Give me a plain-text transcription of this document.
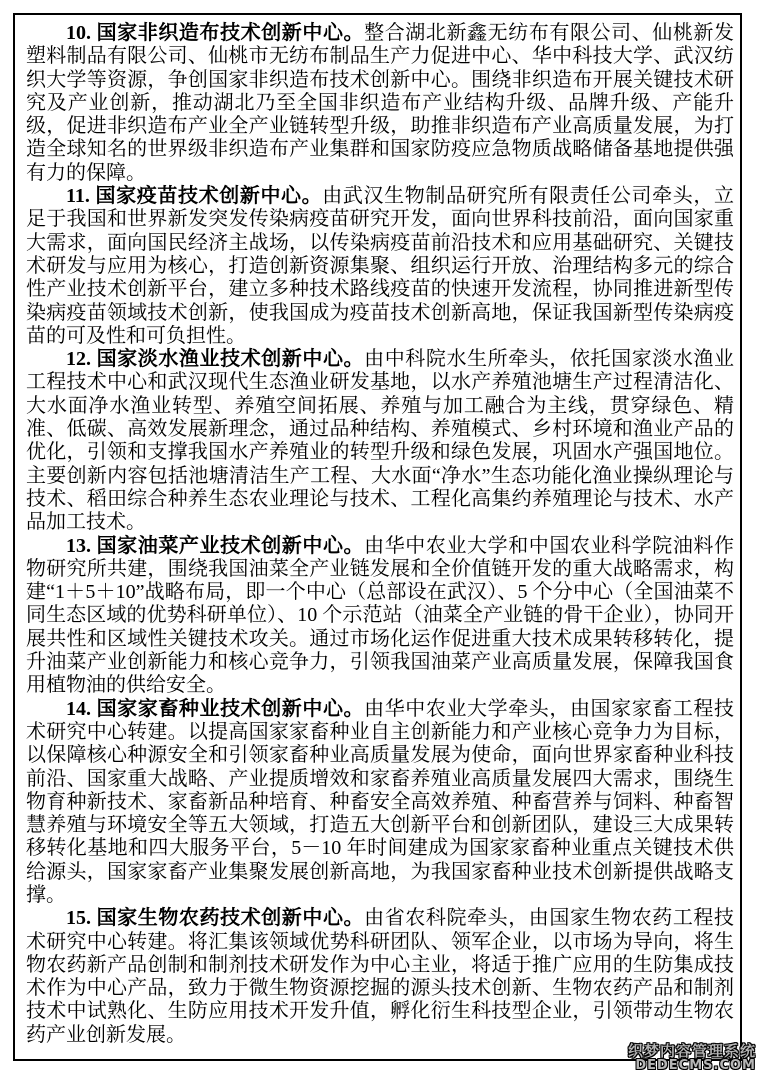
10. 国家非织造布技术创新中心。整合湖北新鑫无纺布有限公司、仙桃新发塑料制品有限公司、仙桃市无纺布制品生产力促进中心、华中科技大学、武汉纺织大学等资源，争创国家非织造布技术创新中心。围绕非织造布开展关键技术研究及产业创新，推动湖北乃至全国非织造布产业结构升级、品牌升级、产能升级，促进非织造布产业全产业链转型升级，助推非织造布产业高质量发展，为打造全球知名的世界级非织造布产业集群和国家防疫应急物质战略储备基地提供强有力的保障。

11. 国家疫苗技术创新中心。由武汉生物制品研究所有限责任公司牵头，立足于我国和世界新发突发传染病疫苗研究开发，面向世界科技前沿，面向国家重大需求，面向国民经济主战场，以传染病疫苗前沿技术和应用基础研究、关键技术研发与应用为核心，打造创新资源集聚、组织运行开放、治理结构多元的综合性产业技术创新平台，建立多种技术路线疫苗的快速开发流程，协同推进新型传染病疫苗领域技术创新，使我国成为疫苗技术创新高地，保证我国新型传染病疫苗的可及性和可负担性。

12. 国家淡水渔业技术创新中心。由中科院水生所牵头，依托国家淡水渔业工程技术中心和武汉现代生态渔业研发基地，以水产养殖池塘生产过程清洁化、大水面净水渔业转型、养殖空间拓展、养殖与加工融合为主线，贯穿绿色、精准、低碳、高效发展新理念，通过品种结构、养殖模式、乡村环境和渔业产品的优化，引领和支撑我国水产养殖业的转型升级和绿色发展，巩固水产强国地位。主要创新内容包括池塘清洁生产工程、大水面“净水”生态功能化渔业操纵理论与技术、稻田综合种养生态农业理论与技术、工程化高集约养殖理论与技术、水产品加工技术。

13. 国家油菜产业技术创新中心。由华中农业大学和中国农业科学院油料作物研究所共建，围绕我国油菜全产业链发展和全价值链开发的重大战略需求，构建“1＋5＋10”战略布局，即一个中心（总部设在武汉）、5 个分中心（全国油菜不同生态区域的优势科研单位）、10 个示范站（油菜全产业链的骨干企业），协同开展共性和区域性关键技术攻关。通过市场化运作促进重大技术成果转移转化，提升油菜产业创新能力和核心竞争力，引领我国油菜产业高质量发展，保障我国食用植物油的供给安全。

14. 国家家畜种业技术创新中心。由华中农业大学牵头，由国家家畜工程技术研究中心转建。以提高国家家畜种业自主创新能力和产业核心竞争力为目标，以保障核心种源安全和引领家畜种业高质量发展为使命，面向世界家畜种业科技前沿、国家重大战略、产业提质增效和家畜养殖业高质量发展四大需求，围绕生物育种新技术、家畜新品种培育、种畜安全高效养殖、种畜营养与饲料、种畜智慧养殖与环境安全等五大领域，打造五大创新平台和创新团队，建设三大成果转移转化基地和四大服务平台，5－10 年时间建成为国家家畜种业重点关键技术供给源头，国家家畜产业集聚发展创新高地，为我国家畜种业技术创新提供战略支撑。

15. 国家生物农药技术创新中心。由省农科院牵头，由国家生物农药工程技术研究中心转建。将汇集该领域优势科研团队、领军企业，以市场为导向，将生物农药新产品创制和制剂技术研发作为中心主业，将适于推广应用的生防集成技术作为中心产品，致力于微生物资源挖掘的源头技术创新、生物农药产品和制剂技术中试熟化、生防应用技术开发升值，孵化衍生科技型企业，引领带动生物农药产业创新发展。

织梦内容管理系统
DEDECMS.COM
